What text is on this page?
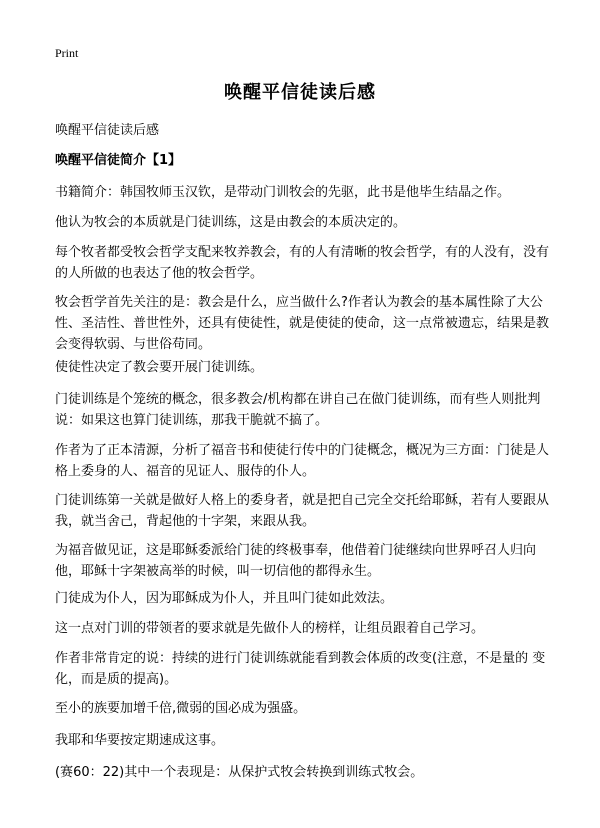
Print
唤醒平信徒读后感

唤醒平信徒读后感

唤醒平信徒简介【1】

书籍简介：韩国牧师玉汉钦，是带动门训牧会的先驱，此书是他毕生结晶之作。

他认为牧会的本质就是门徒训练，这是由教会的本质决定的。

每个牧者都受牧会哲学支配来牧养教会，有的人有清晰的牧会哲学，有的人没有，没有的人所做的也表达了他的牧会哲学。

牧会哲学首先关注的是：教会是什么，应当做什么?作者认为教会的基本属性除了大公性、圣洁性、普世性外，还具有使徒性，就是使徒的使命，这一点常被遗忘，结果是教会变得软弱、与世俗苟同。

使徒性决定了教会要开展门徒训练。

门徒训练是个笼统的概念，很多教会/机构都在讲自己在做门徒训练，而有些人则批判说：如果这也算门徒训练，那我干脆就不搞了。

作者为了正本清源，分析了福音书和使徒行传中的门徒概念，概况为三方面：门徒是人格上委身的人、福音的见证人、服侍的仆人。

门徒训练第一关就是做好人格上的委身者，就是把自己完全交托给耶稣，若有人要跟从我，就当舍己，背起他的十字架，来跟从我。

为福音做见证，这是耶稣委派给门徒的终极事奉，他借着门徒继续向世界呼召人归向他，耶稣十字架被高举的时候，叫一切信他的都得永生。

门徒成为仆人，因为耶稣成为仆人，并且叫门徒如此效法。

这一点对门训的带领者的要求就是先做仆人的榜样，让组员跟着自己学习。

作者非常肯定的说：持续的进行门徒训练就能看到教会体质的改变(注意，不是量的 变化，而是质的提高)。

至小的族要加增千倍,微弱的国必成为强盛。

我耶和华要按定期速成这事。

(赛60：22)其中一个表现是：从保护式牧会转换到训练式牧会。
